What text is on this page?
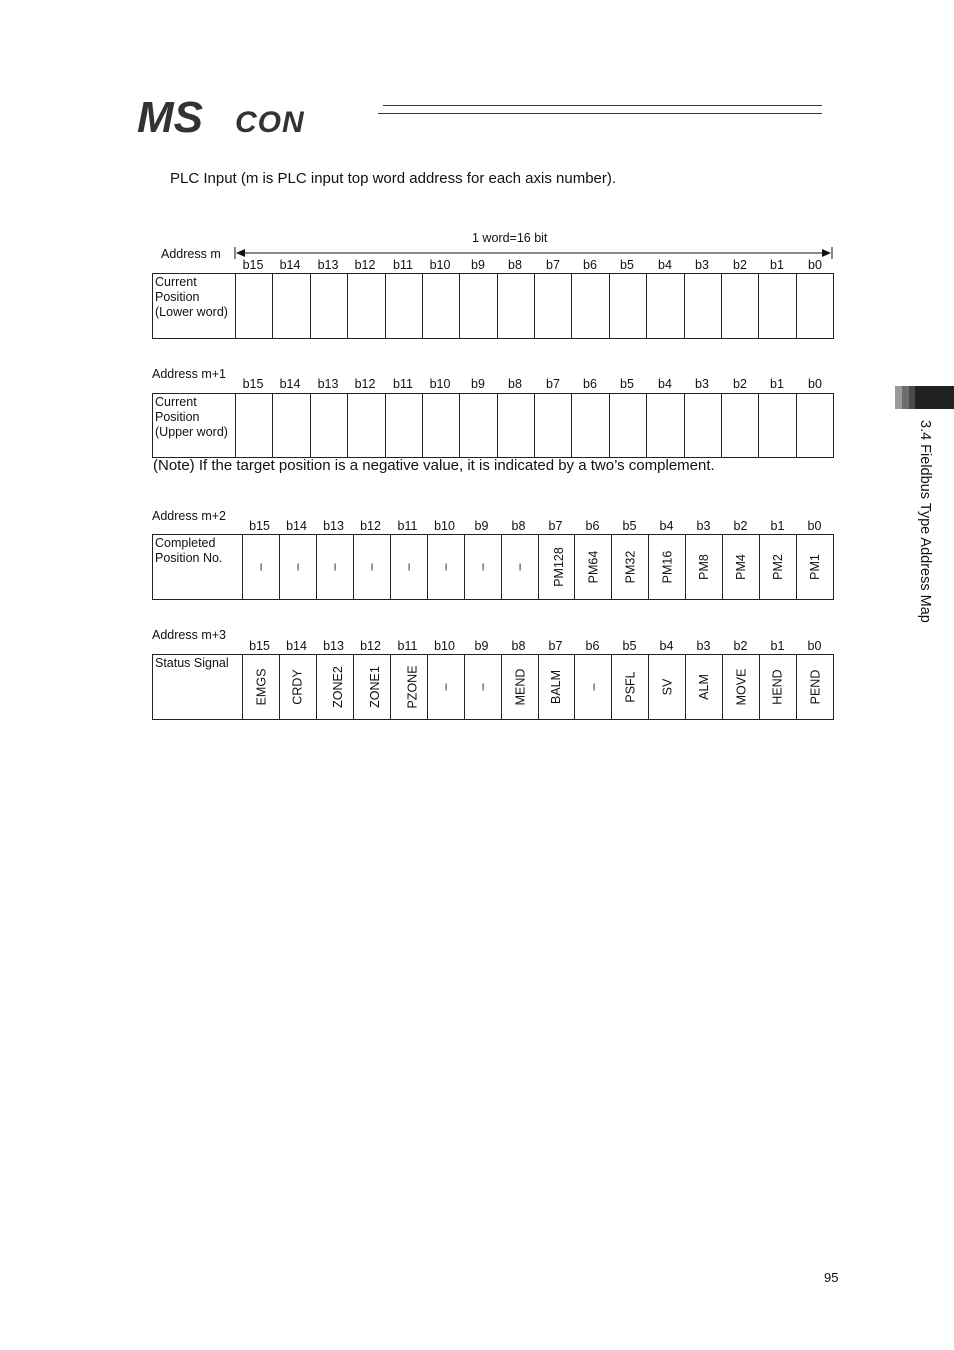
MS CON
PLC Input (m is PLC input top word address for each axis number).
1 word=16 bit
Address m
b15	b14	b13	b12	b11	b10	b9	b8	b7	b6	b5	b4	b3	b2	b1	b0
Current Position (Lower word)																
Address m+1
b15	b14	b13	b12	b11	b10	b9	b8	b7	b6	b5	b4	b3	b2	b1	b0
Current Position (Upper word)																
(Note) If the target position is a negative value, it is indicated by a two’s complement.
Address m+2
b15	b14	b13	b12	b11	b10	b9	b8	b7	b6	b5	b4	b3	b2	b1	b0
Completed Position No.	–	–	–	–	–	–	–	–	PM128	PM64	PM32	PM16	PM8	PM4	PM2	PM1
Address m+3
b15	b14	b13	b12	b11	b10	b9	b8	b7	b6	b5	b4	b3	b2	b1	b0
Status Signal	EMGS	CRDY	ZONE2	ZONE1	PZONE	–	–	MEND	BALM	–	PSFL	SV	ALM	MOVE	HEND	PEND
3.4 Fieldbus Type Address Map
95
